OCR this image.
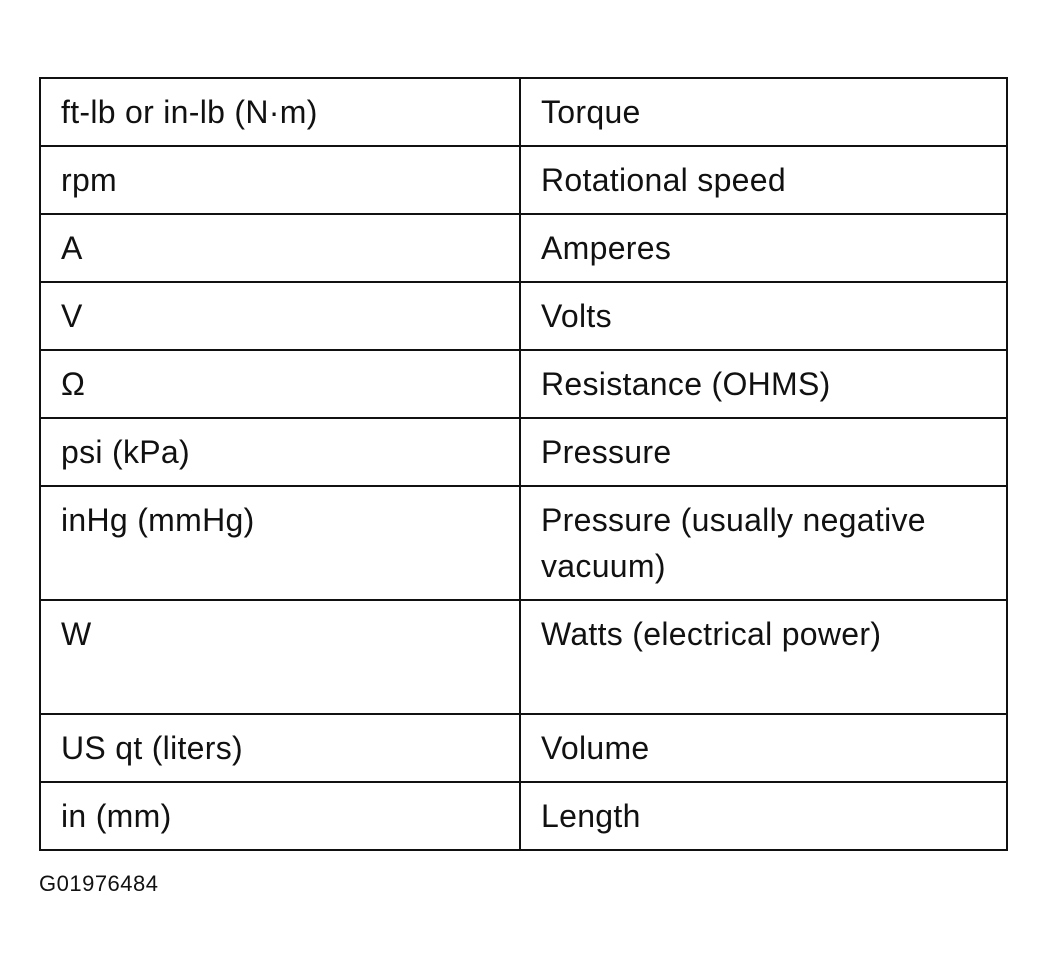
ft-lb or in-lb (N·m)	Torque
rpm	Rotational speed
A	Amperes
V	Volts
Ω	Resistance (OHMS)
psi (kPa)	Pressure
inHg (mmHg)	Pressure (usually negative vacuum)
W	Watts (electrical power)
US qt (liters)	Volume
in (mm)	Length
G01976484
